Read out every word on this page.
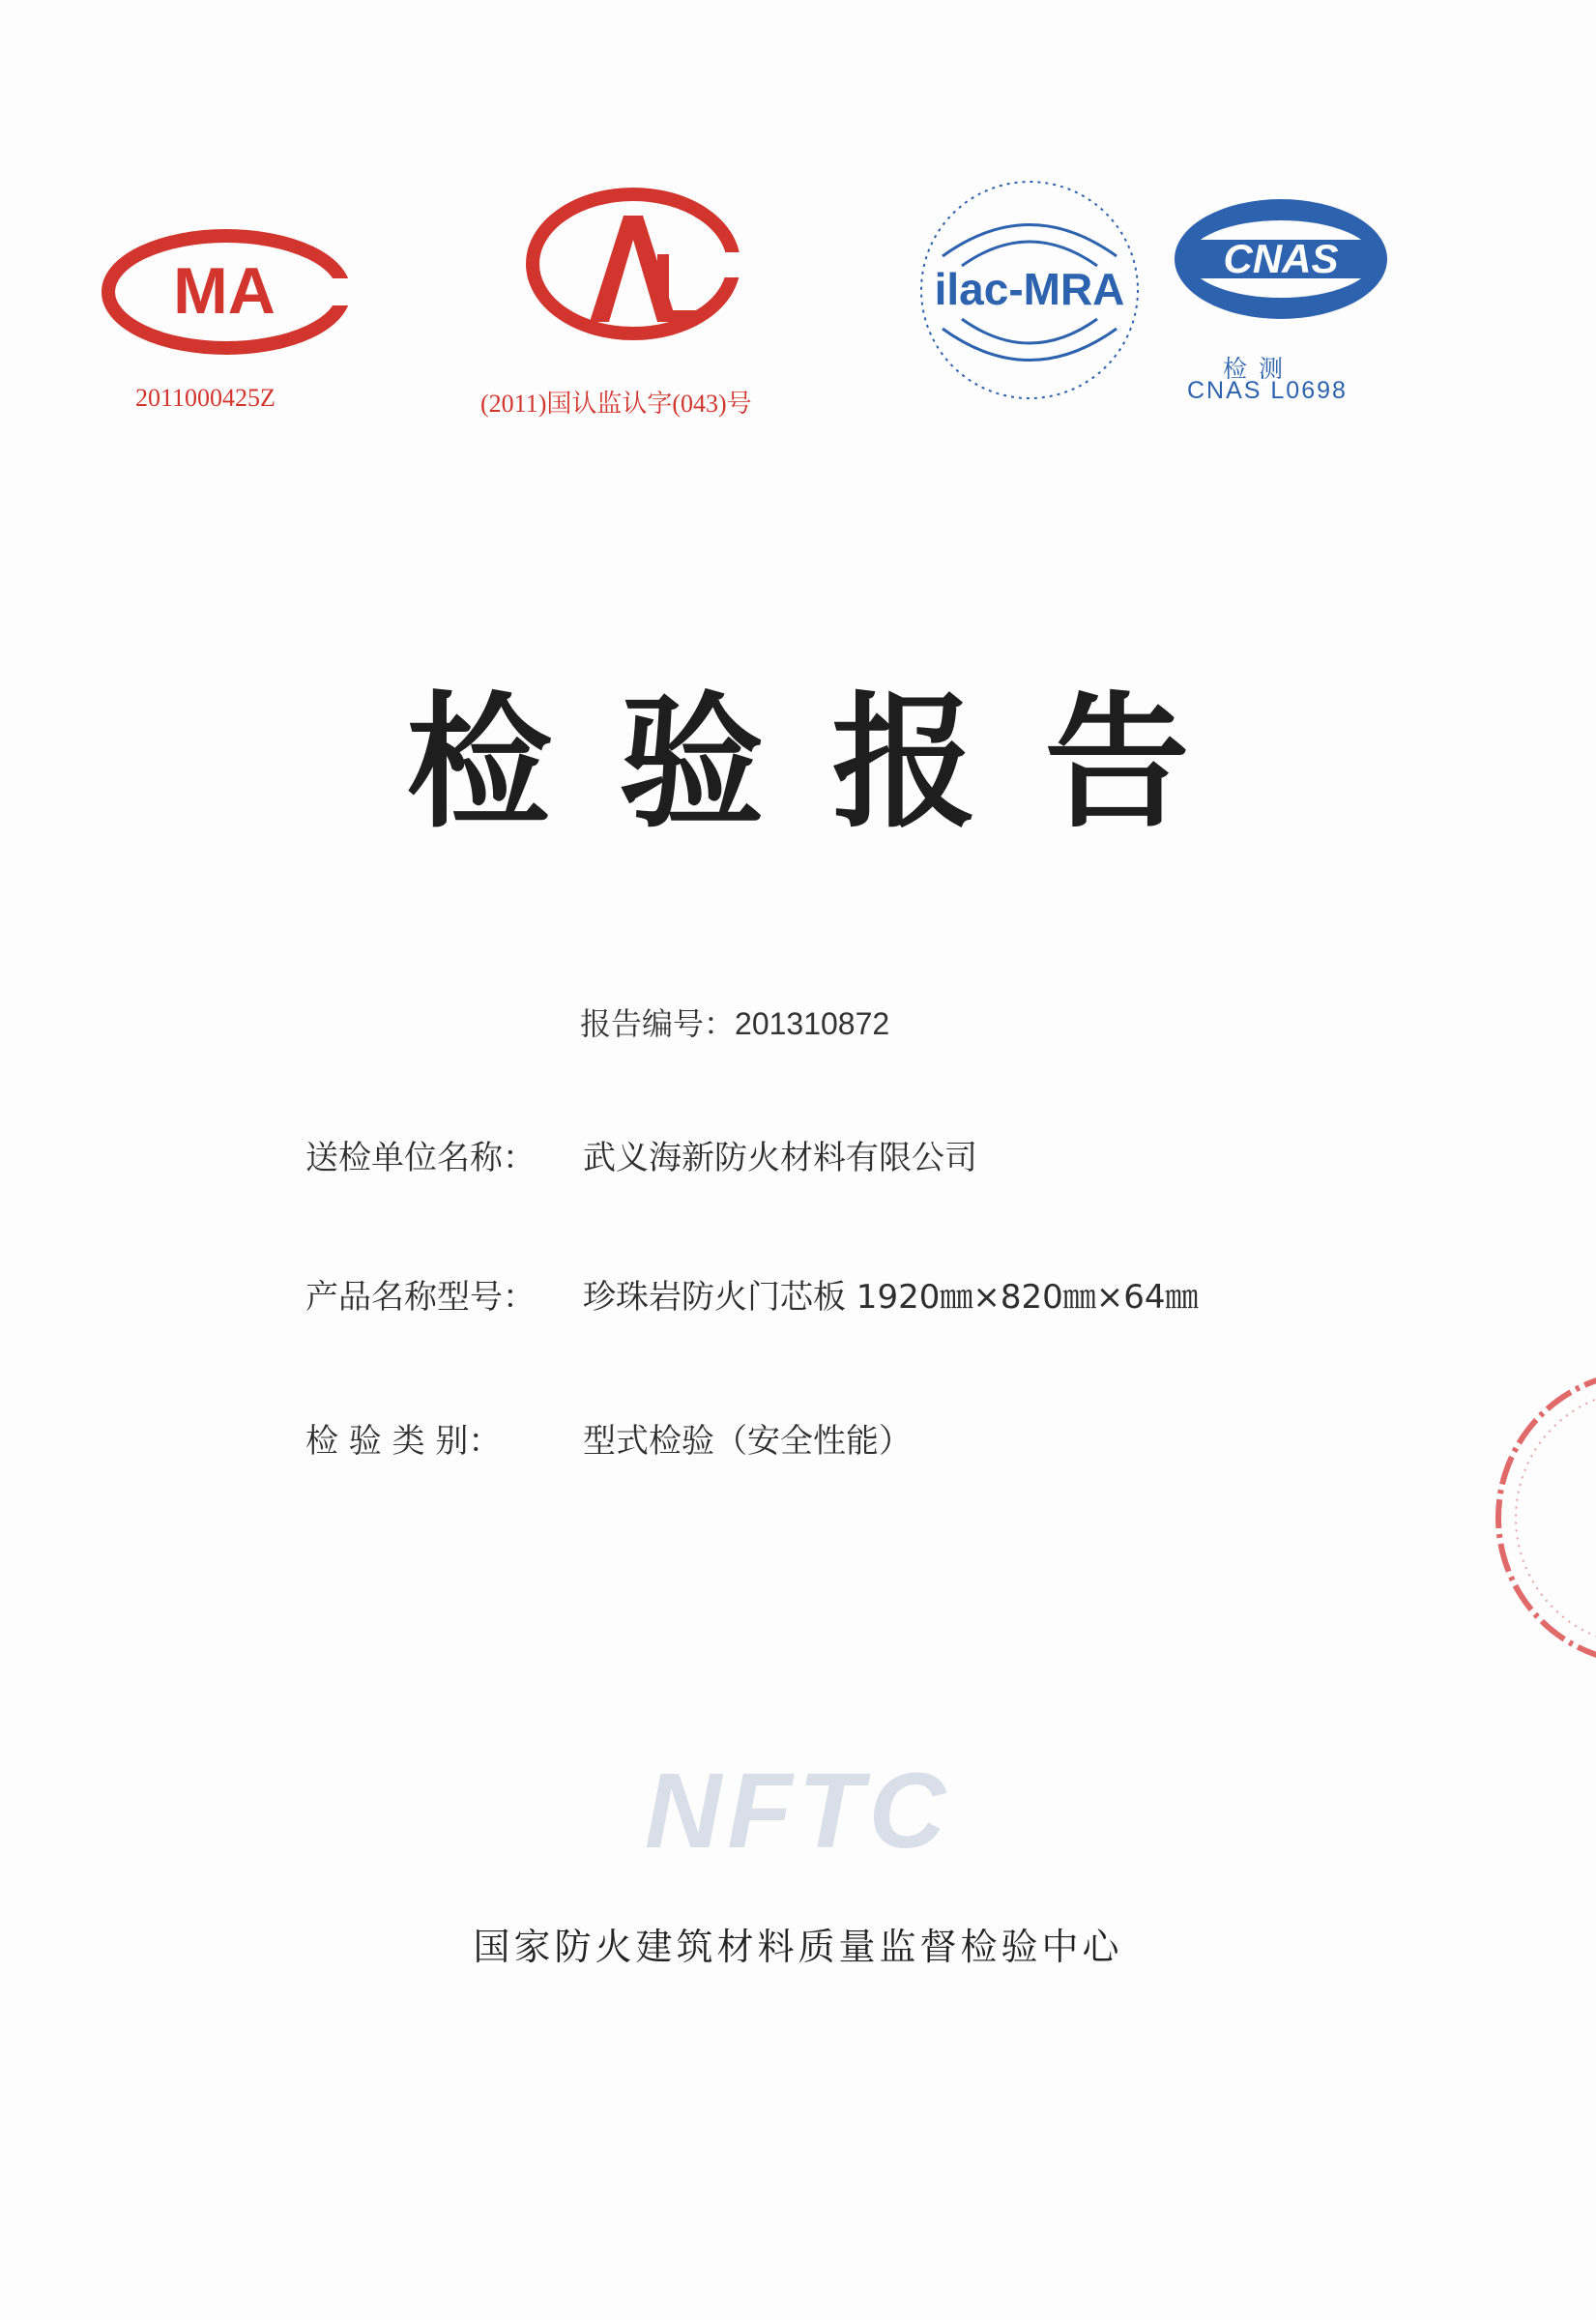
MA
2011000425Z	(2011)国认监认字(043)号
ilac-MRA
CNAS
检 测
CNAS L0698
检验报告
报告编号：201310872
送检单位名称： 武义海新防火材料有限公司
产品名称型号： 珍珠岩防火门芯板 1920㎜×820㎜×64㎜
检 验 类 别： 型式检验（安全性能）
NFTC
国家防火建筑材料质量监督检验中心
